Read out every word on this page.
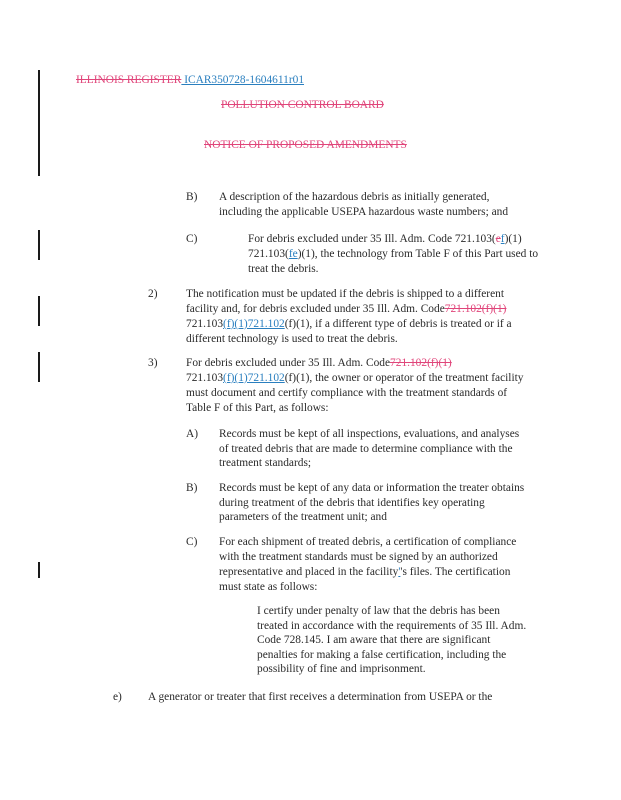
ILLINOIS REGISTER ICAR350728-1604611r01
POLLUTION CONTROL BOARD
NOTICE OF PROPOSED AMENDMENTS
B) A description of the hazardous debris as initially generated,
including the applicable USEPA hazardous waste numbers; and
C)	For debris excluded under 35 Ill. Adm. Code 721.103(ef)(1)
721.103(fe)(1), the technology from Table F of this Part used to
treat the debris.
2)	The notification must be updated if the debris is shipped to a different
facility and, for debris excluded under 35 Ill. Adm. Code721.102(f)(1)
721.103(f)(1)721.102(f)(1), if a different type of debris is treated or if a
different technology is used to treat the debris.
3)	For debris excluded under 35 Ill. Adm. Code721.102(f)(1)
721.103(f)(1)721.102(f)(1), the owner or operator of the treatment facility
must document and certify compliance with the treatment standards of
Table F of this Part, as follows:
A) Records must be kept of all inspections, evaluations, and analyses
of treated debris that are made to determine compliance with the
treatment standards;
B) Records must be kept of any data or information the treater obtains
during treatment of the debris that identifies key operating
parameters of the treatment unit; and
C) For each shipment of treated debris, a certification of compliance
with the treatment standards must be signed by an authorized
representative and placed in the facility''s files. The certification
must state as follows:
I certify under penalty of law that the debris has been
treated in accordance with the requirements of 35 Ill. Adm.
Code 728.145. I am aware that there are significant
penalties for making a false certification, including the
possibility of fine and imprisonment.
e) A generator or treater that first receives a determination from USEPA or the
